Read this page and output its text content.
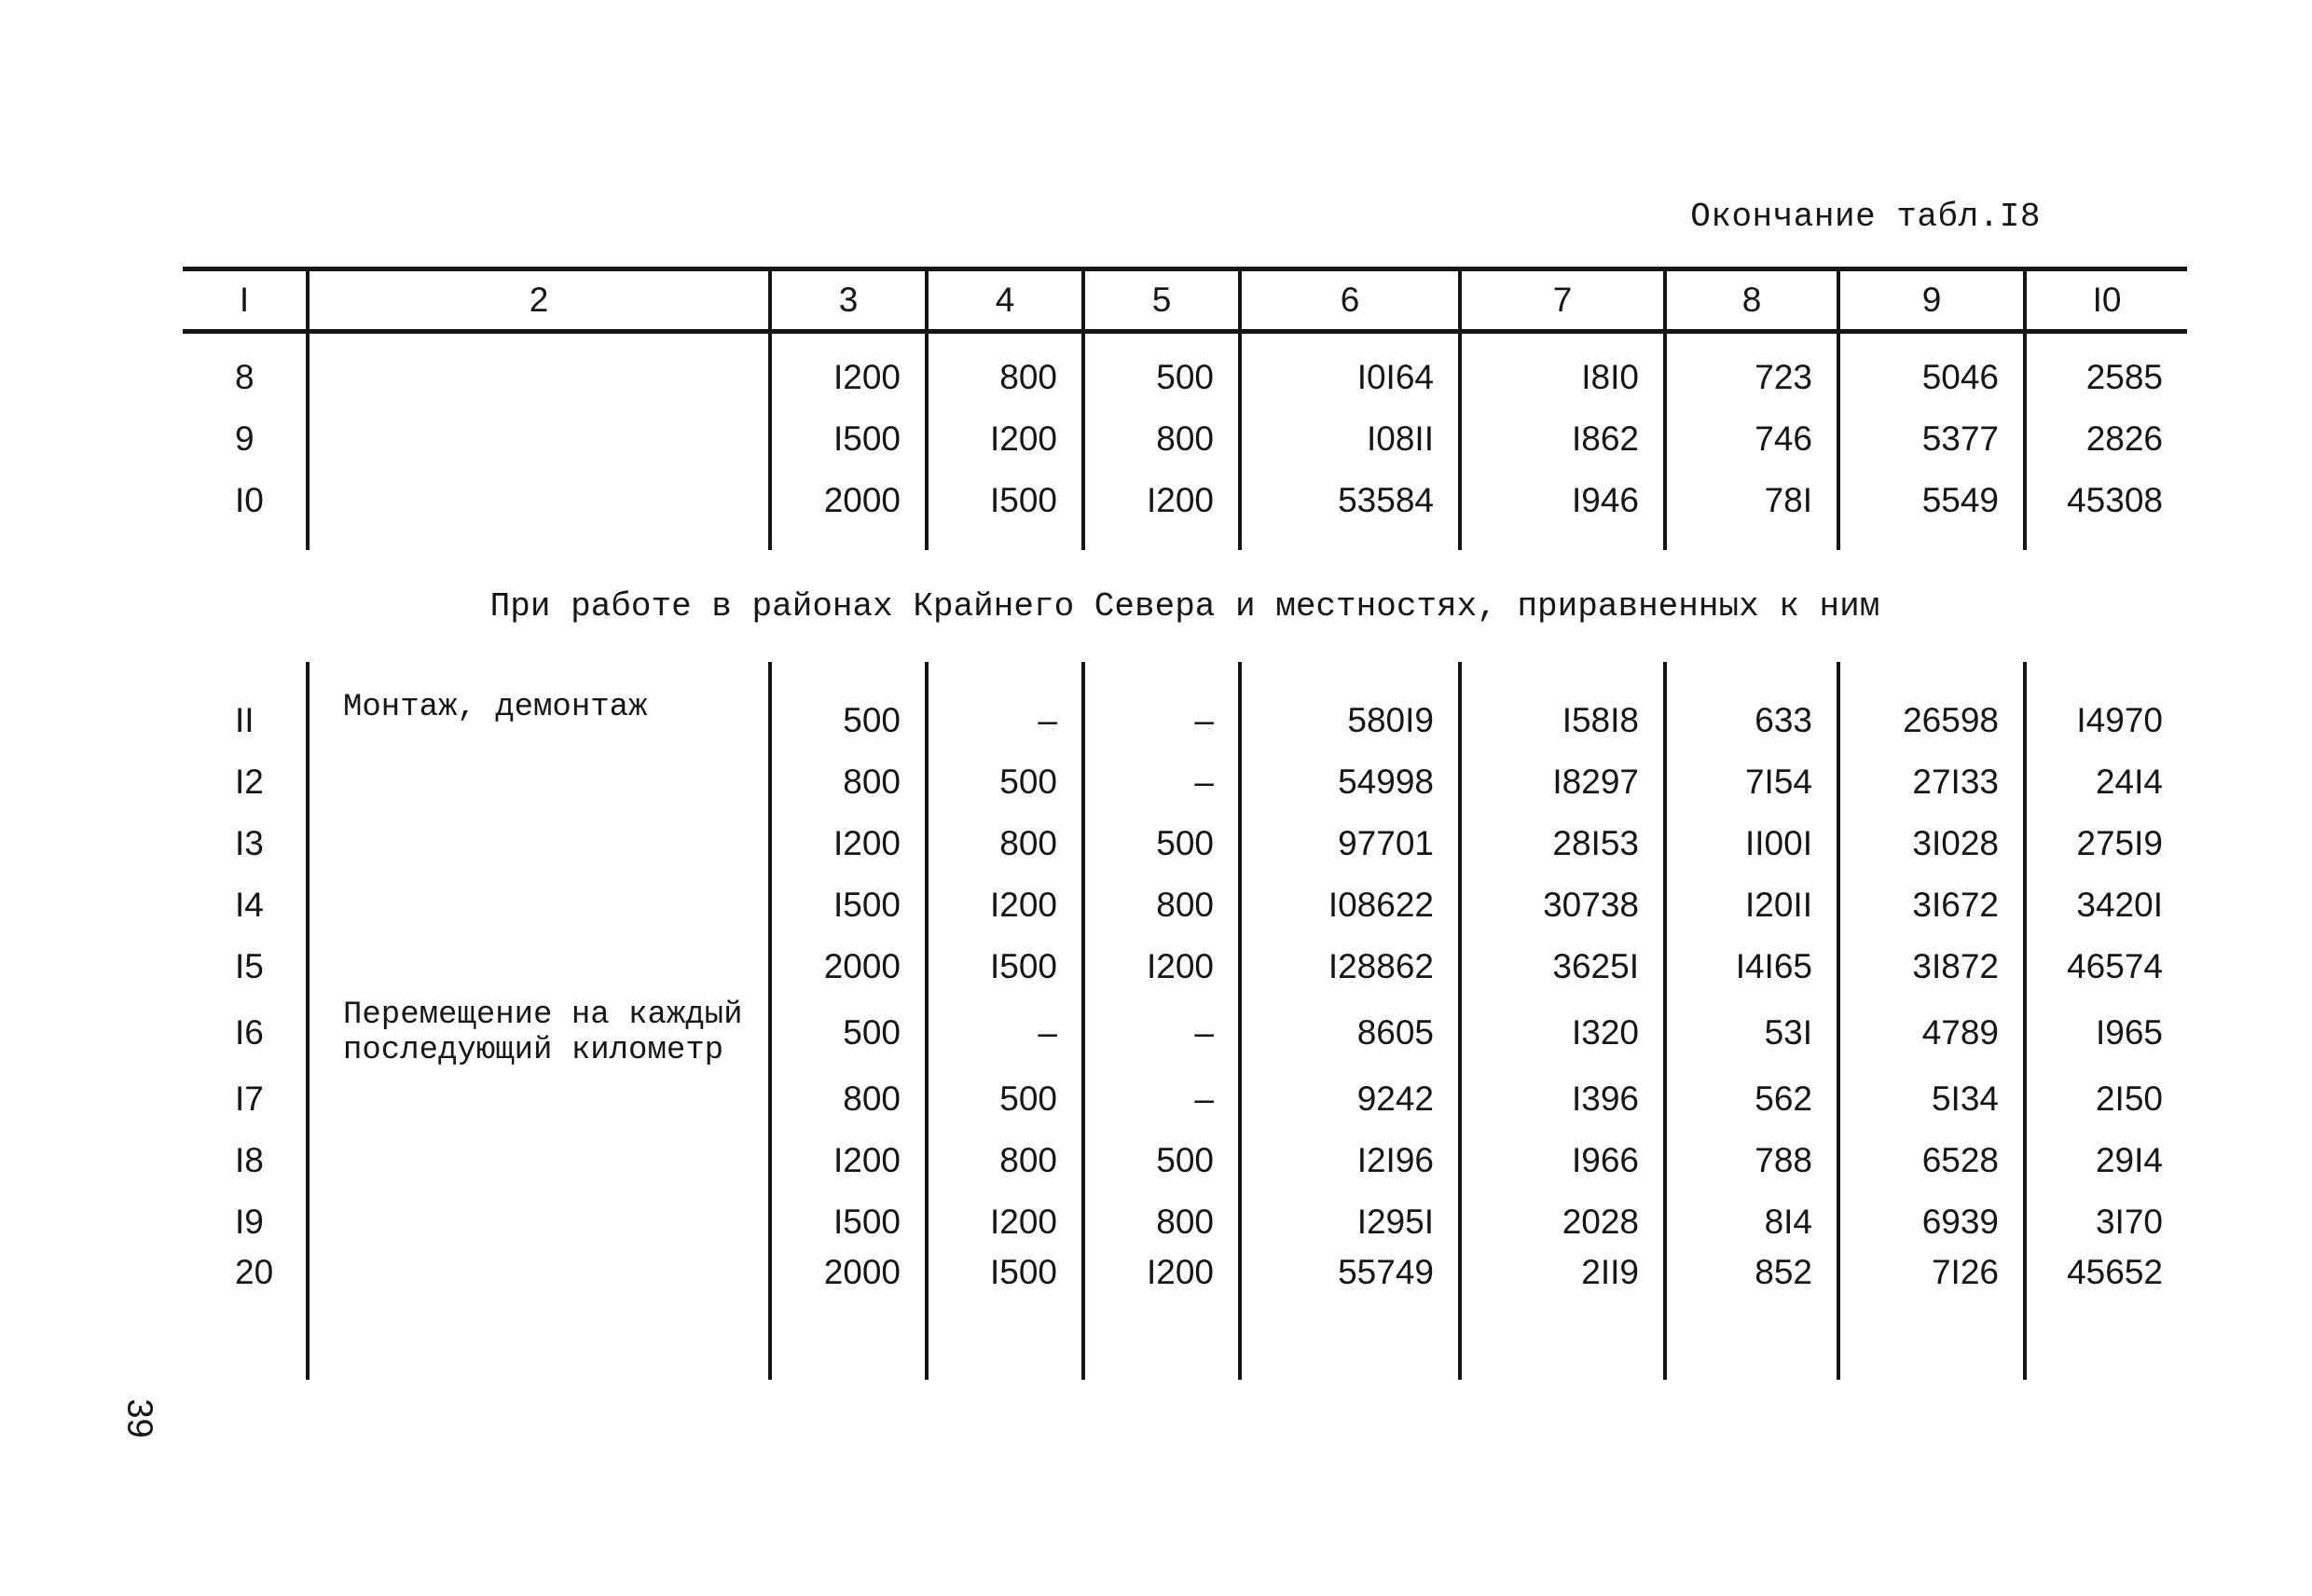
Окончание табл.I8
I	2	3	4	5	6	7	8	9	I0
8		I200	800	500	I0I64	I8I0	723	5046	2585
9		I500	I200	800	I08II	I862	746	5377	2826
I0		2000	I500	I200	53584	I946	78I	5549	45308
При работе в районах Крайнего Севера и местностях, приравненных к ним									
II	Монтаж, демонтаж	500	–	–	580I9	I58I8	633	26598	I4970
I2		800	500	–	54998	I8297	7I54	27I33	24I4
I3		I200	800	500	97701	28I53	II00I	3I028	275I9
I4		I500	I200	800	I08622	30738	I20II	3I672	3420I
I5		2000	I500	I200	I28862	3625I	I4I65	3I872	46574
I6	Перемещение на каждый последующий километр	500	–	–	8605	I320	53I	4789	I965
I7		800	500	–	9242	I396	562	5I34	2I50
I8		I200	800	500	I2I96	I966	788	6528	29I4
I9		I500	I200	800	I295I	2028	8I4	6939	3I70
20		2000	I500	I200	55749	2II9	852	7I26	45652
39
